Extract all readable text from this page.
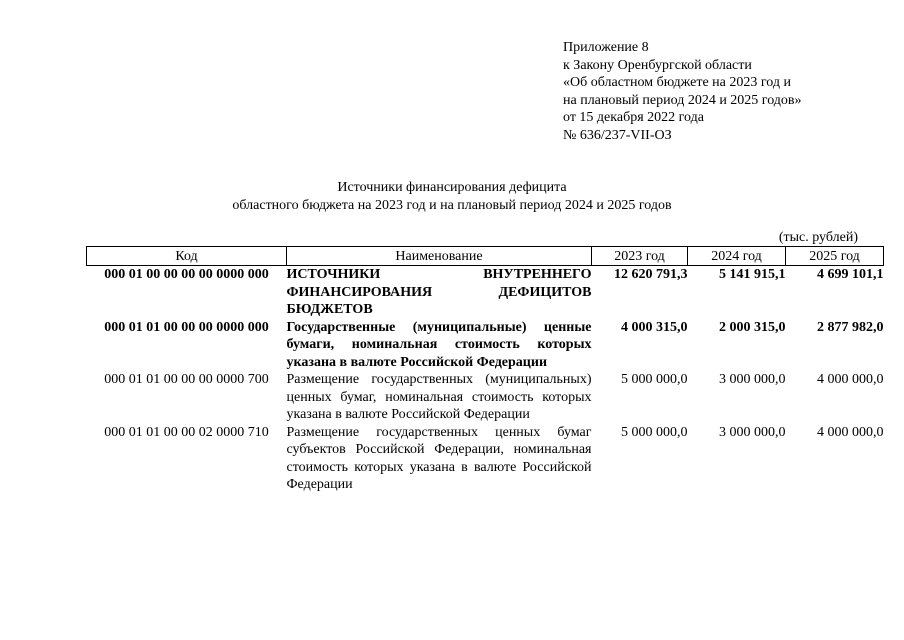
Приложение 8
к Закону Оренбургской области
«Об областном бюджете на 2023 год и
на плановый период 2024 и 2025 годов»
от 15 декабря 2022 года
№ 636/237-VII-ОЗ
Источники финансирования дефицита
областного бюджета на 2023 год и на плановый период 2024 и 2025 годов
(тыс. рублей)
Код	Наименование	2023 год	2024 год	2025 год
000 01 00 00 00 00 0000 000	ИСТОЧНИКИ ВНУТРЕННЕГО ФИНАНСИРОВАНИЯ ДЕФИЦИТОВ БЮДЖЕТОВ	12 620 791,3	5 141 915,1	4 699 101,1
000 01 01 00 00 00 0000 000	Государственные (муниципальные) ценные бумаги, номинальная стоимость которых указана в валюте Российской Федерации	4 000 315,0	2 000 315,0	2 877 982,0
000 01 01 00 00 00 0000 700	Размещение государственных (муниципальных) ценных бумаг, номинальная стоимость которых указана в валюте Российской Федерации	5 000 000,0	3 000 000,0	4 000 000,0
000 01 01 00 00 02 0000 710	Размещение государственных ценных бумаг субъектов Российской Федерации, номинальная стоимость которых указана в валюте Российской Федерации	5 000 000,0	3 000 000,0	4 000 000,0
